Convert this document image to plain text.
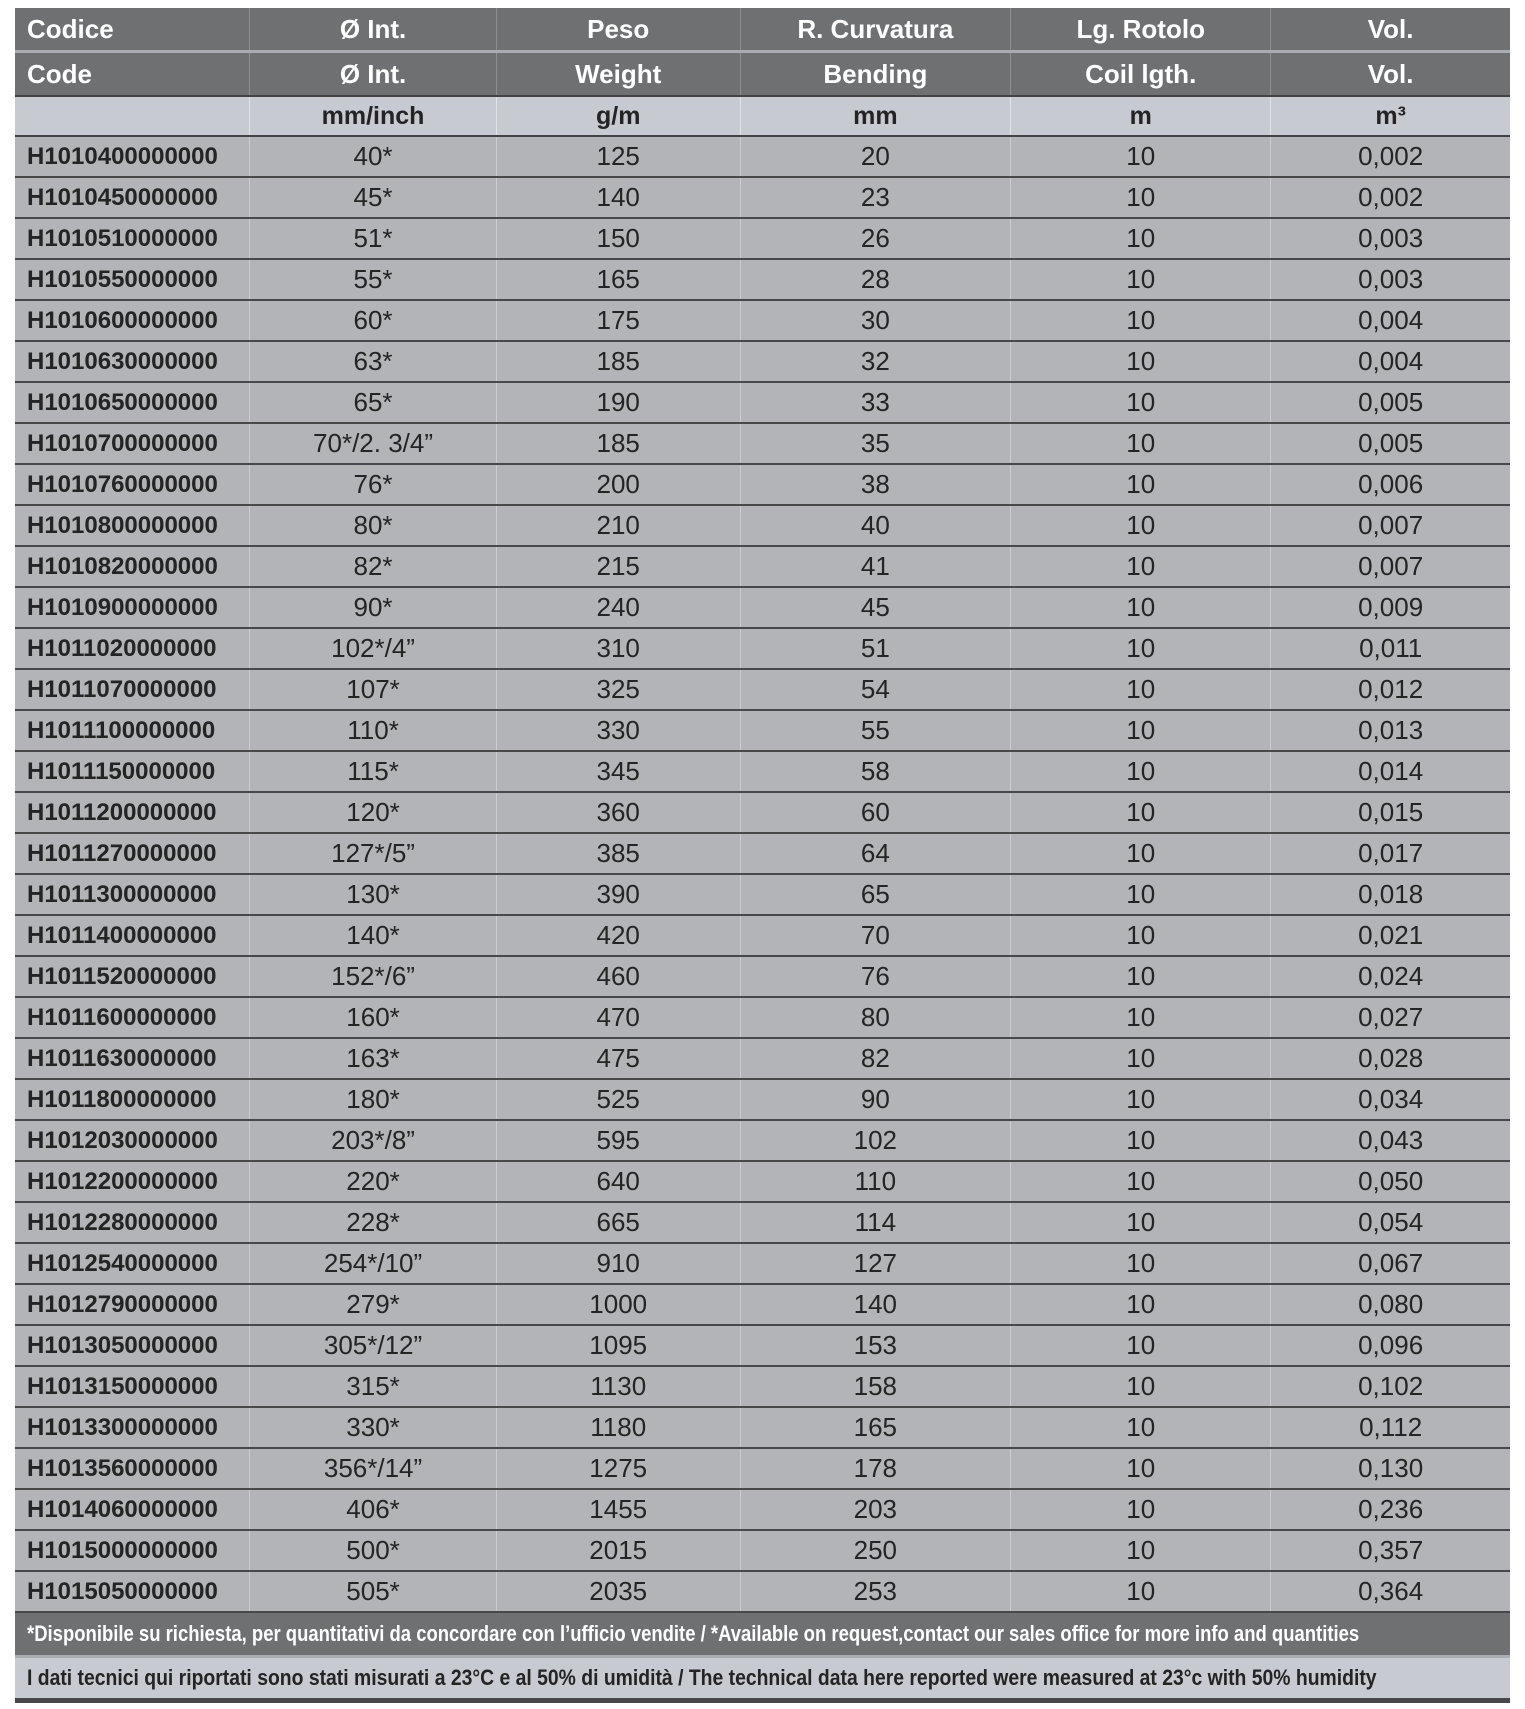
Codice	Ø Int.	Peso	R. Curvatura	Lg. Rotolo	Vol.
Code	Ø Int.	Weight	Bending	Coil lgth.	Vol.
	mm/inch	g/m	mm	m	m³
H1010400000000	40*	125	20	10	0,002
H1010450000000	45*	140	23	10	0,002
H1010510000000	51*	150	26	10	0,003
H1010550000000	55*	165	28	10	0,003
H1010600000000	60*	175	30	10	0,004
H1010630000000	63*	185	32	10	0,004
H1010650000000	65*	190	33	10	0,005
H1010700000000	70*/2. 3/4”	185	35	10	0,005
H1010760000000	76*	200	38	10	0,006
H1010800000000	80*	210	40	10	0,007
H1010820000000	82*	215	41	10	0,007
H1010900000000	90*	240	45	10	0,009
H1011020000000	102*/4”	310	51	10	0,011
H1011070000000	107*	325	54	10	0,012
H1011100000000	110*	330	55	10	0,013
H1011150000000	115*	345	58	10	0,014
H1011200000000	120*	360	60	10	0,015
H1011270000000	127*/5”	385	64	10	0,017
H1011300000000	130*	390	65	10	0,018
H1011400000000	140*	420	70	10	0,021
H1011520000000	152*/6”	460	76	10	0,024
H1011600000000	160*	470	80	10	0,027
H1011630000000	163*	475	82	10	0,028
H1011800000000	180*	525	90	10	0,034
H1012030000000	203*/8”	595	102	10	0,043
H1012200000000	220*	640	110	10	0,050
H1012280000000	228*	665	114	10	0,054
H1012540000000	254*/10”	910	127	10	0,067
H1012790000000	279*	1000	140	10	0,080
H1013050000000	305*/12”	1095	153	10	0,096
H1013150000000	315*	1130	158	10	0,102
H1013300000000	330*	1180	165	10	0,112
H1013560000000	356*/14”	1275	178	10	0,130
H1014060000000	406*	1455	203	10	0,236
H1015000000000	500*	2015	250	10	0,357
H1015050000000	505*	2035	253	10	0,364
*Disponibile su richiesta, per quantitativi da concordare con l’ufficio vendite / *Available on request,contact our sales office for more info and quantities					
I dati tecnici qui riportati sono stati misurati a 23°C e al 50% di umidità / The technical data here reported were measured at 23°c with 50% humidity					
